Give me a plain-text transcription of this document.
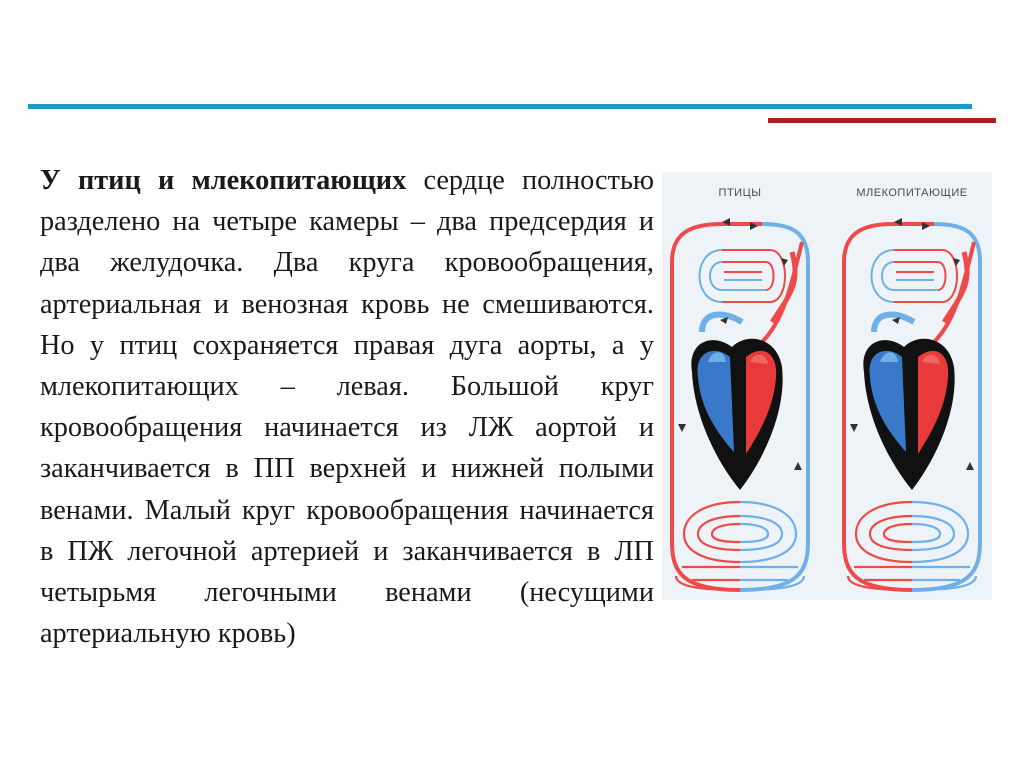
У птиц и млекопитающих сердце полностью разделено на четыре камеры – два предсердия и два желудочка. Два круга кровообращения, артериальная и венозная кровь не смешиваются. Но у птиц сохраняется правая дуга аорты, а у млекопитающих – левая. Большой круг кровообращения начинается из ЛЖ аортой и заканчивается в ПП верхней и нижней полыми венами. Малый круг кровообращения начинается в ПЖ легочной артерией и заканчивается в ЛП четырьмя легочными венами (несущими артериальную кровь)
ПТИЦЫ	МЛЕКОПИТАЮЩИЕ
